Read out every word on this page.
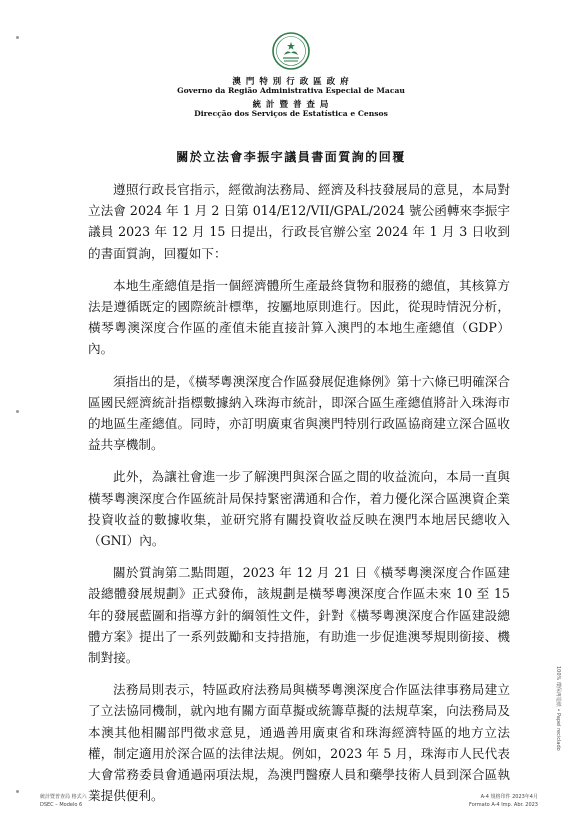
澳 門 特 別 行 政 區 政 府
Governo da Região Administrativa Especial de Macau
統 計 暨 普 查 局
Direcção dos Serviços de Estatística e Censos
關於立法會李振宇議員書面質詢的回覆

遵照行政長官指示，經徵詢法務局、經濟及科技發展局的意見，本局對立法會 2024 年 1 月 2 日第 014/E12/VII/GPAL/2024 號公函轉來李振宇議員 2023 年 12 月 15 日提出，行政長官辦公室 2024 年 1 月 3 日收到的書面質詢，回覆如下：

本地生產總值是指一個經濟體所生產最終貨物和服務的總值，其核算方法是遵循既定的國際統計標準，按屬地原則進行。因此，從現時情況分析，橫琴粵澳深度合作區的產值未能直接計算入澳門的本地生產總值（GDP）內。

須指出的是，《橫琴粵澳深度合作區發展促進條例》第十六條已明確深合區國民經濟統計指標數據納入珠海市統計，即深合區生產總值將計入珠海市的地區生產總值。同時，亦訂明廣東省與澳門特別行政區協商建立深合區收益共享機制。

此外，為讓社會進一步了解澳門與深合區之間的收益流向，本局一直與橫琴粵澳深度合作區統計局保持緊密溝通和合作，着力優化深合區澳資企業投資收益的數據收集，並研究將有關投資收益反映在澳門本地居民總收入（GNI）內。

關於質詢第二點問題，2023 年 12 月 21 日《橫琴粵澳深度合作區建設總體發展規劃》正式發佈，該規劃是橫琴粵澳深度合作區未來 10 至 15 年的發展藍圖和指導方針的綱領性文件，針對《橫琴粵澳深度合作區建設總體方案》提出了一系列鼓勵和支持措施，有助進一步促進澳琴規則銜接、機制對接。

法務局則表示，特區政府法務局與橫琴粵澳深度合作區法律事務局建立了立法協同機制，就內地有關方面草擬或統籌草擬的法規草案，向法務局及本澳其他相關部門徵求意見，通過善用廣東省和珠海經濟特區的地方立法權，制定適用於深合區的法律法規。例如，2023 年 5 月，珠海市人民代表大會常務委員會通過兩項法規，為澳門醫療人員和藥學技術人員到深合區執業提供便利。

統計暨普查局 格式六
DSEC – Modelo 6
A-4 規格印件 2023年4月
Formato A-4 Imp. Abr. 2023
100% 環保再造紙 • Papel reciclado
